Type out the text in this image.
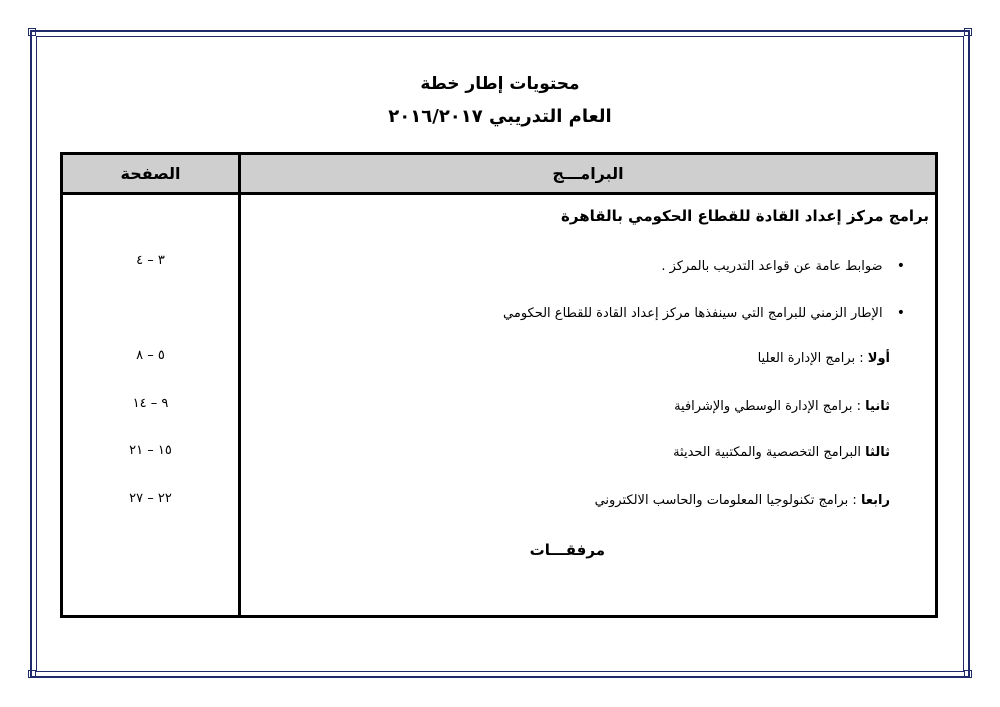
محتويات إطار خطة
العام التدريبي ٢٠١٦/٢٠١٧
الصفحة	البرامـــج
برامج مركز إعداد القادة للقطاع الحكومي بالقاهرة
• ضوابط عامة عن قواعد التدريب بالمركز .
• الإطار الزمني للبرامج التي سينفذها مركز إعداد القادة للقطاع الحكومي
أولا : برامج الإدارة العليا
ثانيا : برامج الإدارة الوسطي والإشرافية
ثالثا البرامج التخصصية والمكتبية الحديثة
رابعا : برامج تكنولوجيا المعلومات والحاسب الالكتروني
مرفقـــات
٣ – ٤
٥ – ٨
٩ – ١٤
١٥ – ٢١
٢٢ – ٢٧
